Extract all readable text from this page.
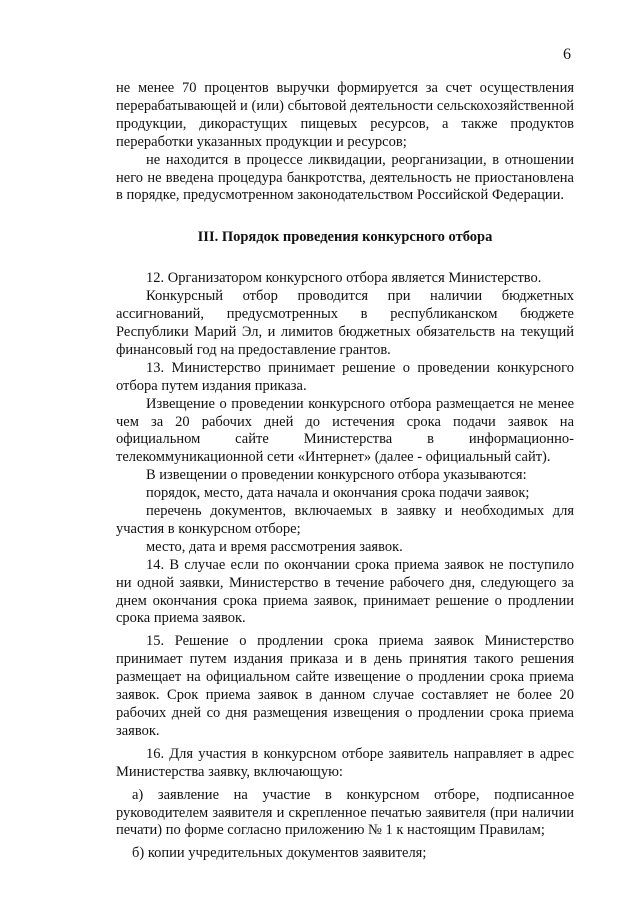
6

не менее 70 процентов выручки формируется за счет осуществления перерабатывающей и (или) сбытовой деятельности сельскохозяйственной продукции, дикорастущих пищевых ресурсов, а также продуктов переработки указанных продукции и ресурсов;

не находится в процессе ликвидации, реорганизации, в отношении него не введена процедура банкротства, деятельность не приостановлена в порядке, предусмотренном законодательством Российской Федерации.

III. Порядок проведения конкурсного отбора

12. Организатором конкурсного отбора является Министерство.

Конкурсный отбор проводится при наличии бюджетных ассигнований, предусмотренных в республиканском бюджете Республики Марий Эл, и лимитов бюджетных обязательств на текущий финансовый год на предоставление грантов.

13. Министерство принимает решение о проведении конкурсного отбора путем издания приказа.

Извещение о проведении конкурсного отбора размещается не менее чем за 20 рабочих дней до истечения срока подачи заявок на официальном сайте Министерства в информационно-телекоммуникационной сети «Интернет» (далее - официальный сайт).

В извещении о проведении конкурсного отбора указываются:

порядок, место, дата начала и окончания срока подачи заявок;

перечень документов, включаемых в заявку и необходимых для участия в конкурсном отборе;

место, дата и время рассмотрения заявок.

14. В случае если по окончании срока приема заявок не поступило ни одной заявки, Министерство в течение рабочего дня, следующего за днем окончания срока приема заявок, принимает решение о продлении срока приема заявок.

15. Решение о продлении срока приема заявок Министерство принимает путем издания приказа и в день принятия такого решения размещает на официальном сайте извещение о продлении срока приема заявок. Срок приема заявок в данном случае составляет не более 20 рабочих дней со дня размещения извещения о продлении срока приема заявок.

16. Для участия в конкурсном отборе заявитель направляет в адрес Министерства заявку, включающую:

а) заявление на участие в конкурсном отборе, подписанное руководителем заявителя и скрепленное печатью заявителя (при наличии печати) по форме согласно приложению № 1 к настоящим Правилам;

б) копии учредительных документов заявителя;
